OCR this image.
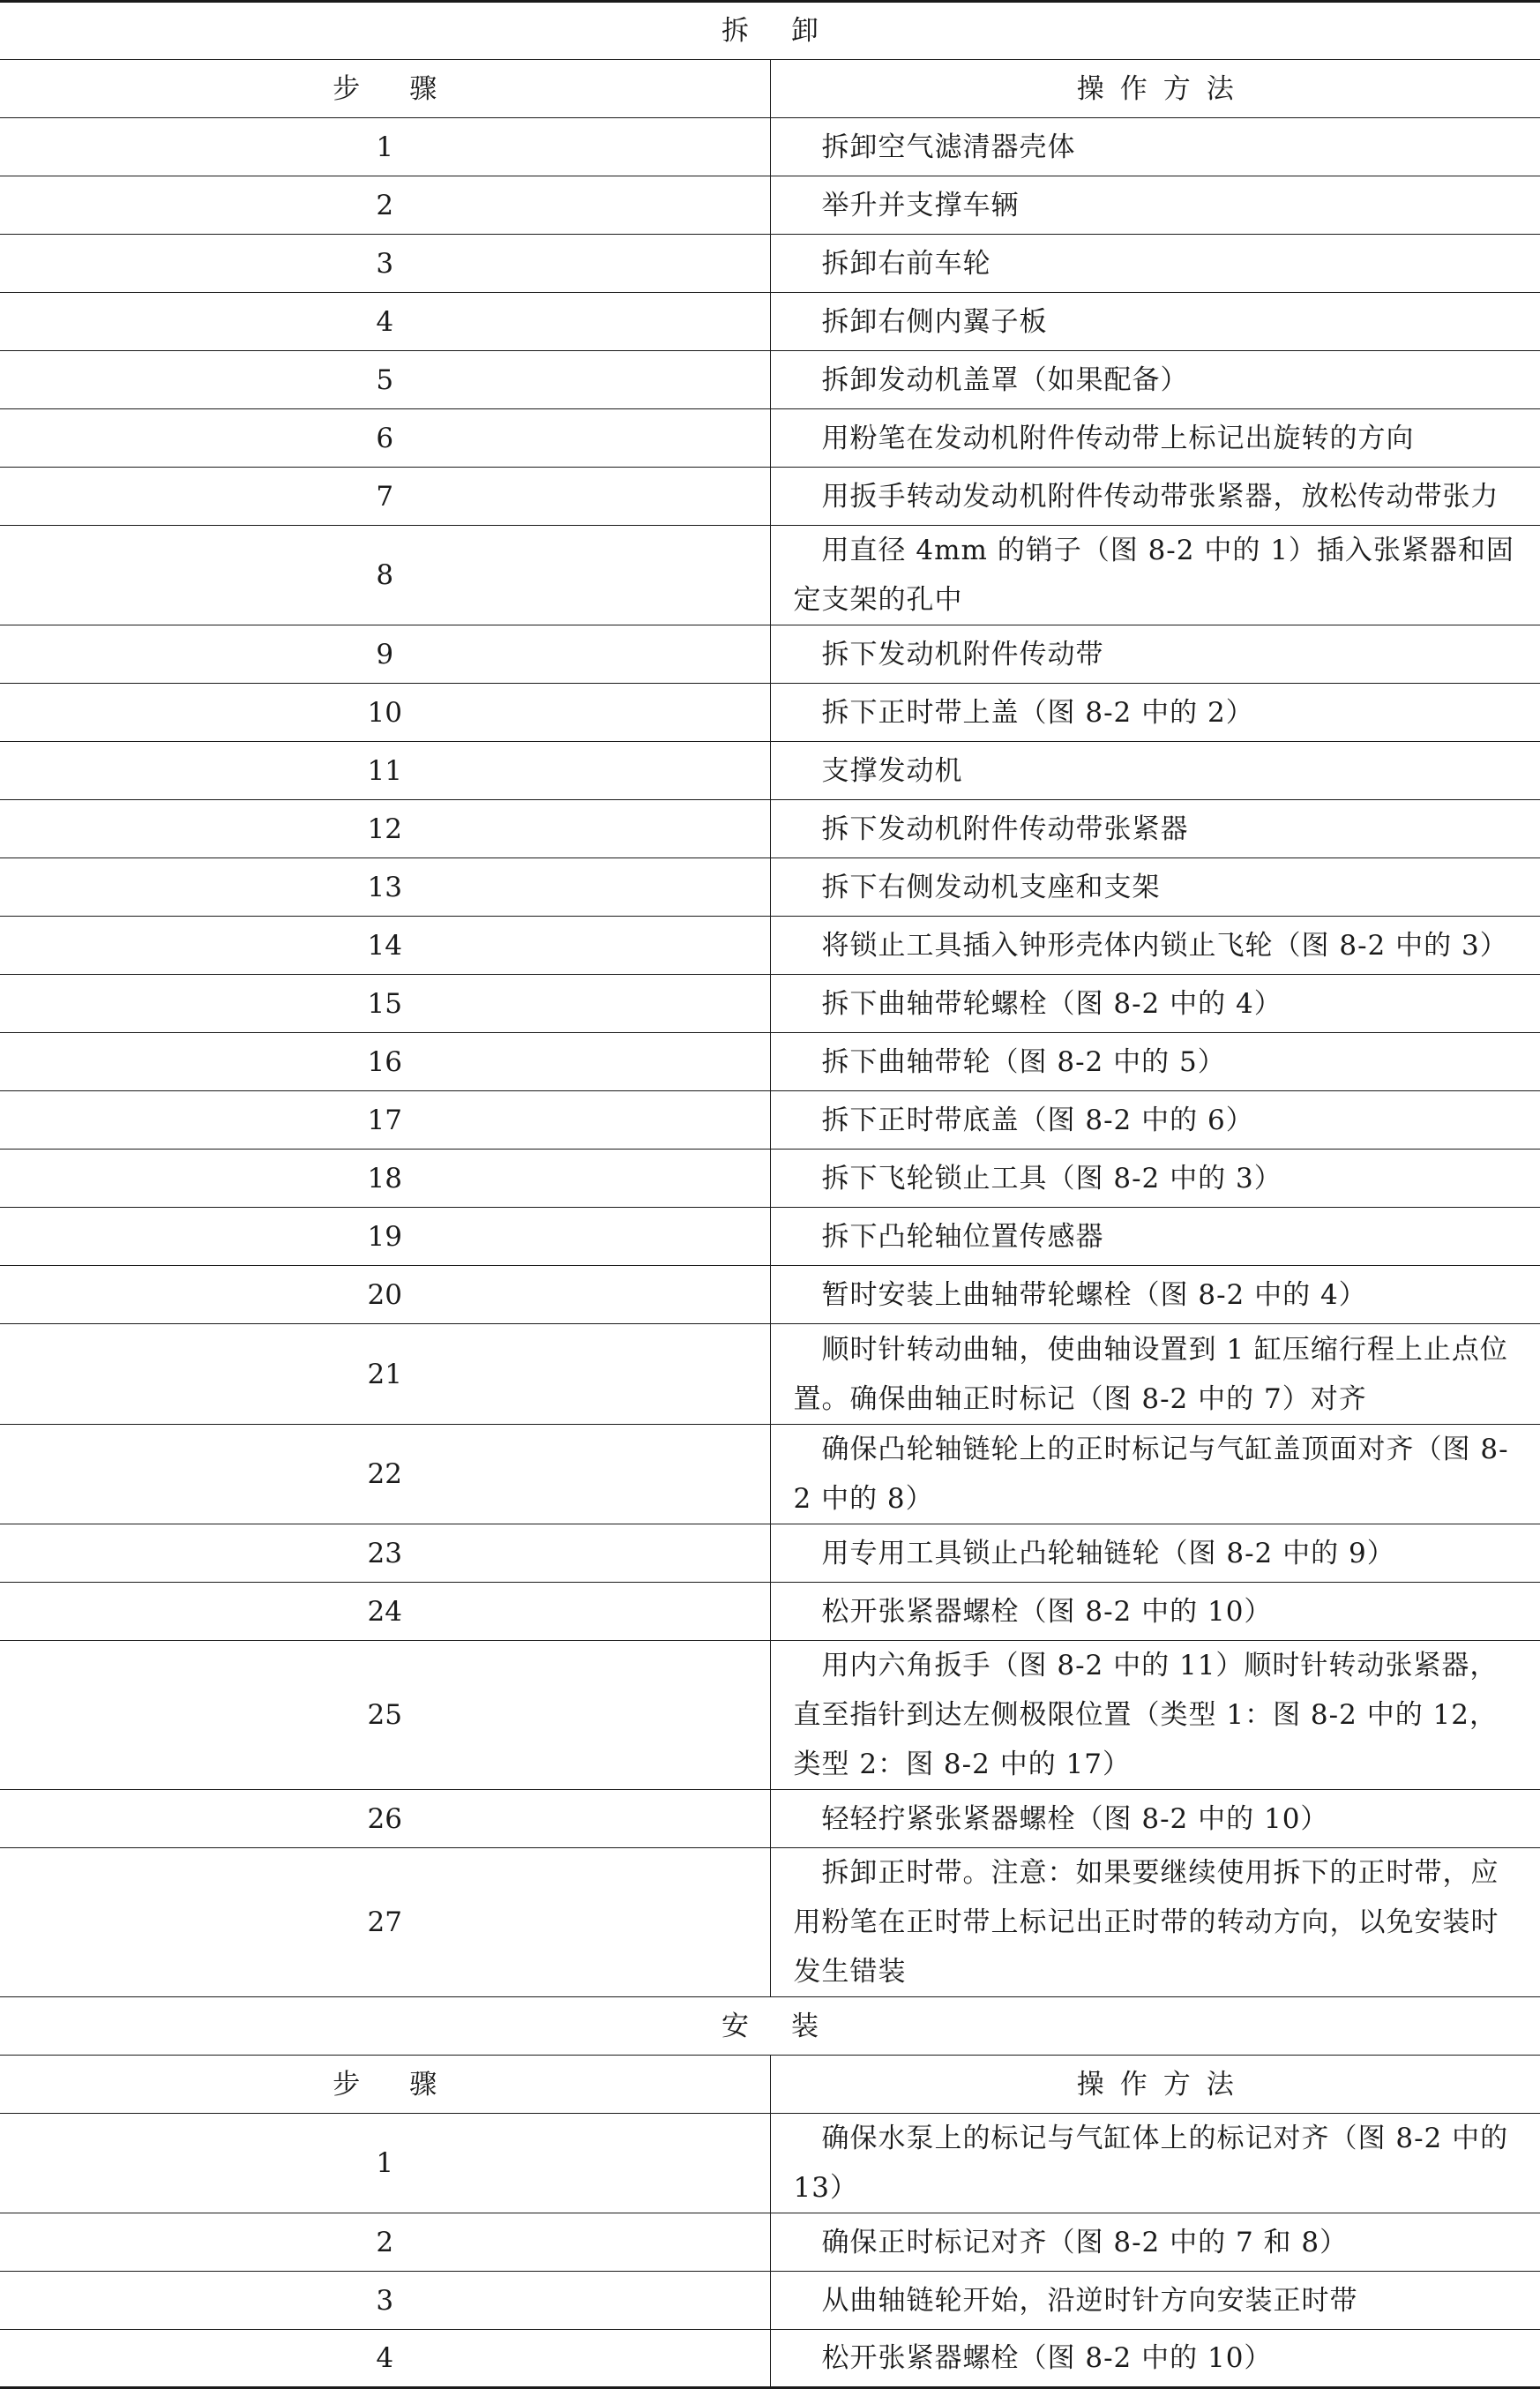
拆卸	
步骤	操作方法
1	拆卸空气滤清器壳体

2	举升并支撑车辆

3	拆卸右前车轮

4	拆卸右侧内翼子板

5	拆卸发动机盖罩（如果配备）

6	用粉笔在发动机附件传动带上标记出旋转的方向

7	用扳手转动发动机附件传动带张紧器，放松传动带张力

8	用直径 4mm 的销子（图 8-2 中的 1）插入张紧器和固定支架的孔中

9	拆下发动机附件传动带

10	拆下正时带上盖（图 8-2 中的 2）

11	支撑发动机

12	拆下发动机附件传动带张紧器

13	拆下右侧发动机支座和支架

14	将锁止工具插入钟形壳体内锁止飞轮（图 8-2 中的 3）

15	拆下曲轴带轮螺栓（图 8-2 中的 4）

16	拆下曲轴带轮（图 8-2 中的 5）

17	拆下正时带底盖（图 8-2 中的 6）

18	拆下飞轮锁止工具（图 8-2 中的 3）

19	拆下凸轮轴位置传感器

20	暂时安装上曲轴带轮螺栓（图 8-2 中的 4）

21	顺时针转动曲轴，使曲轴设置到 1 缸压缩行程上止点位置。确保曲轴正时标记（图 8-2 中的 7）对齐

22	确保凸轮轴链轮上的正时标记与气缸盖顶面对齐（图 8-2 中的 8）

23	用专用工具锁止凸轮轴链轮（图 8-2 中的 9）

24	松开张紧器螺栓（图 8-2 中的 10）

25	用内六角扳手（图 8-2 中的 11）顺时针转动张紧器，直至指针到达左侧极限位置（类型 1：图 8-2 中的 12，类型 2：图 8-2 中的 17）

26	轻轻拧紧张紧器螺栓（图 8-2 中的 10）

27	拆卸正时带。注意：如果要继续使用拆下的正时带，应用粉笔在正时带上标记出正时带的转动方向，以免安装时发生错装

安装	
步骤	操作方法
1	确保水泵上的标记与气缸体上的标记对齐（图 8-2 中的 13）

2	确保正时标记对齐（图 8-2 中的 7 和 8）

3	从曲轴链轮开始，沿逆时针方向安装正时带

4	松开张紧器螺栓（图 8-2 中的 10）
